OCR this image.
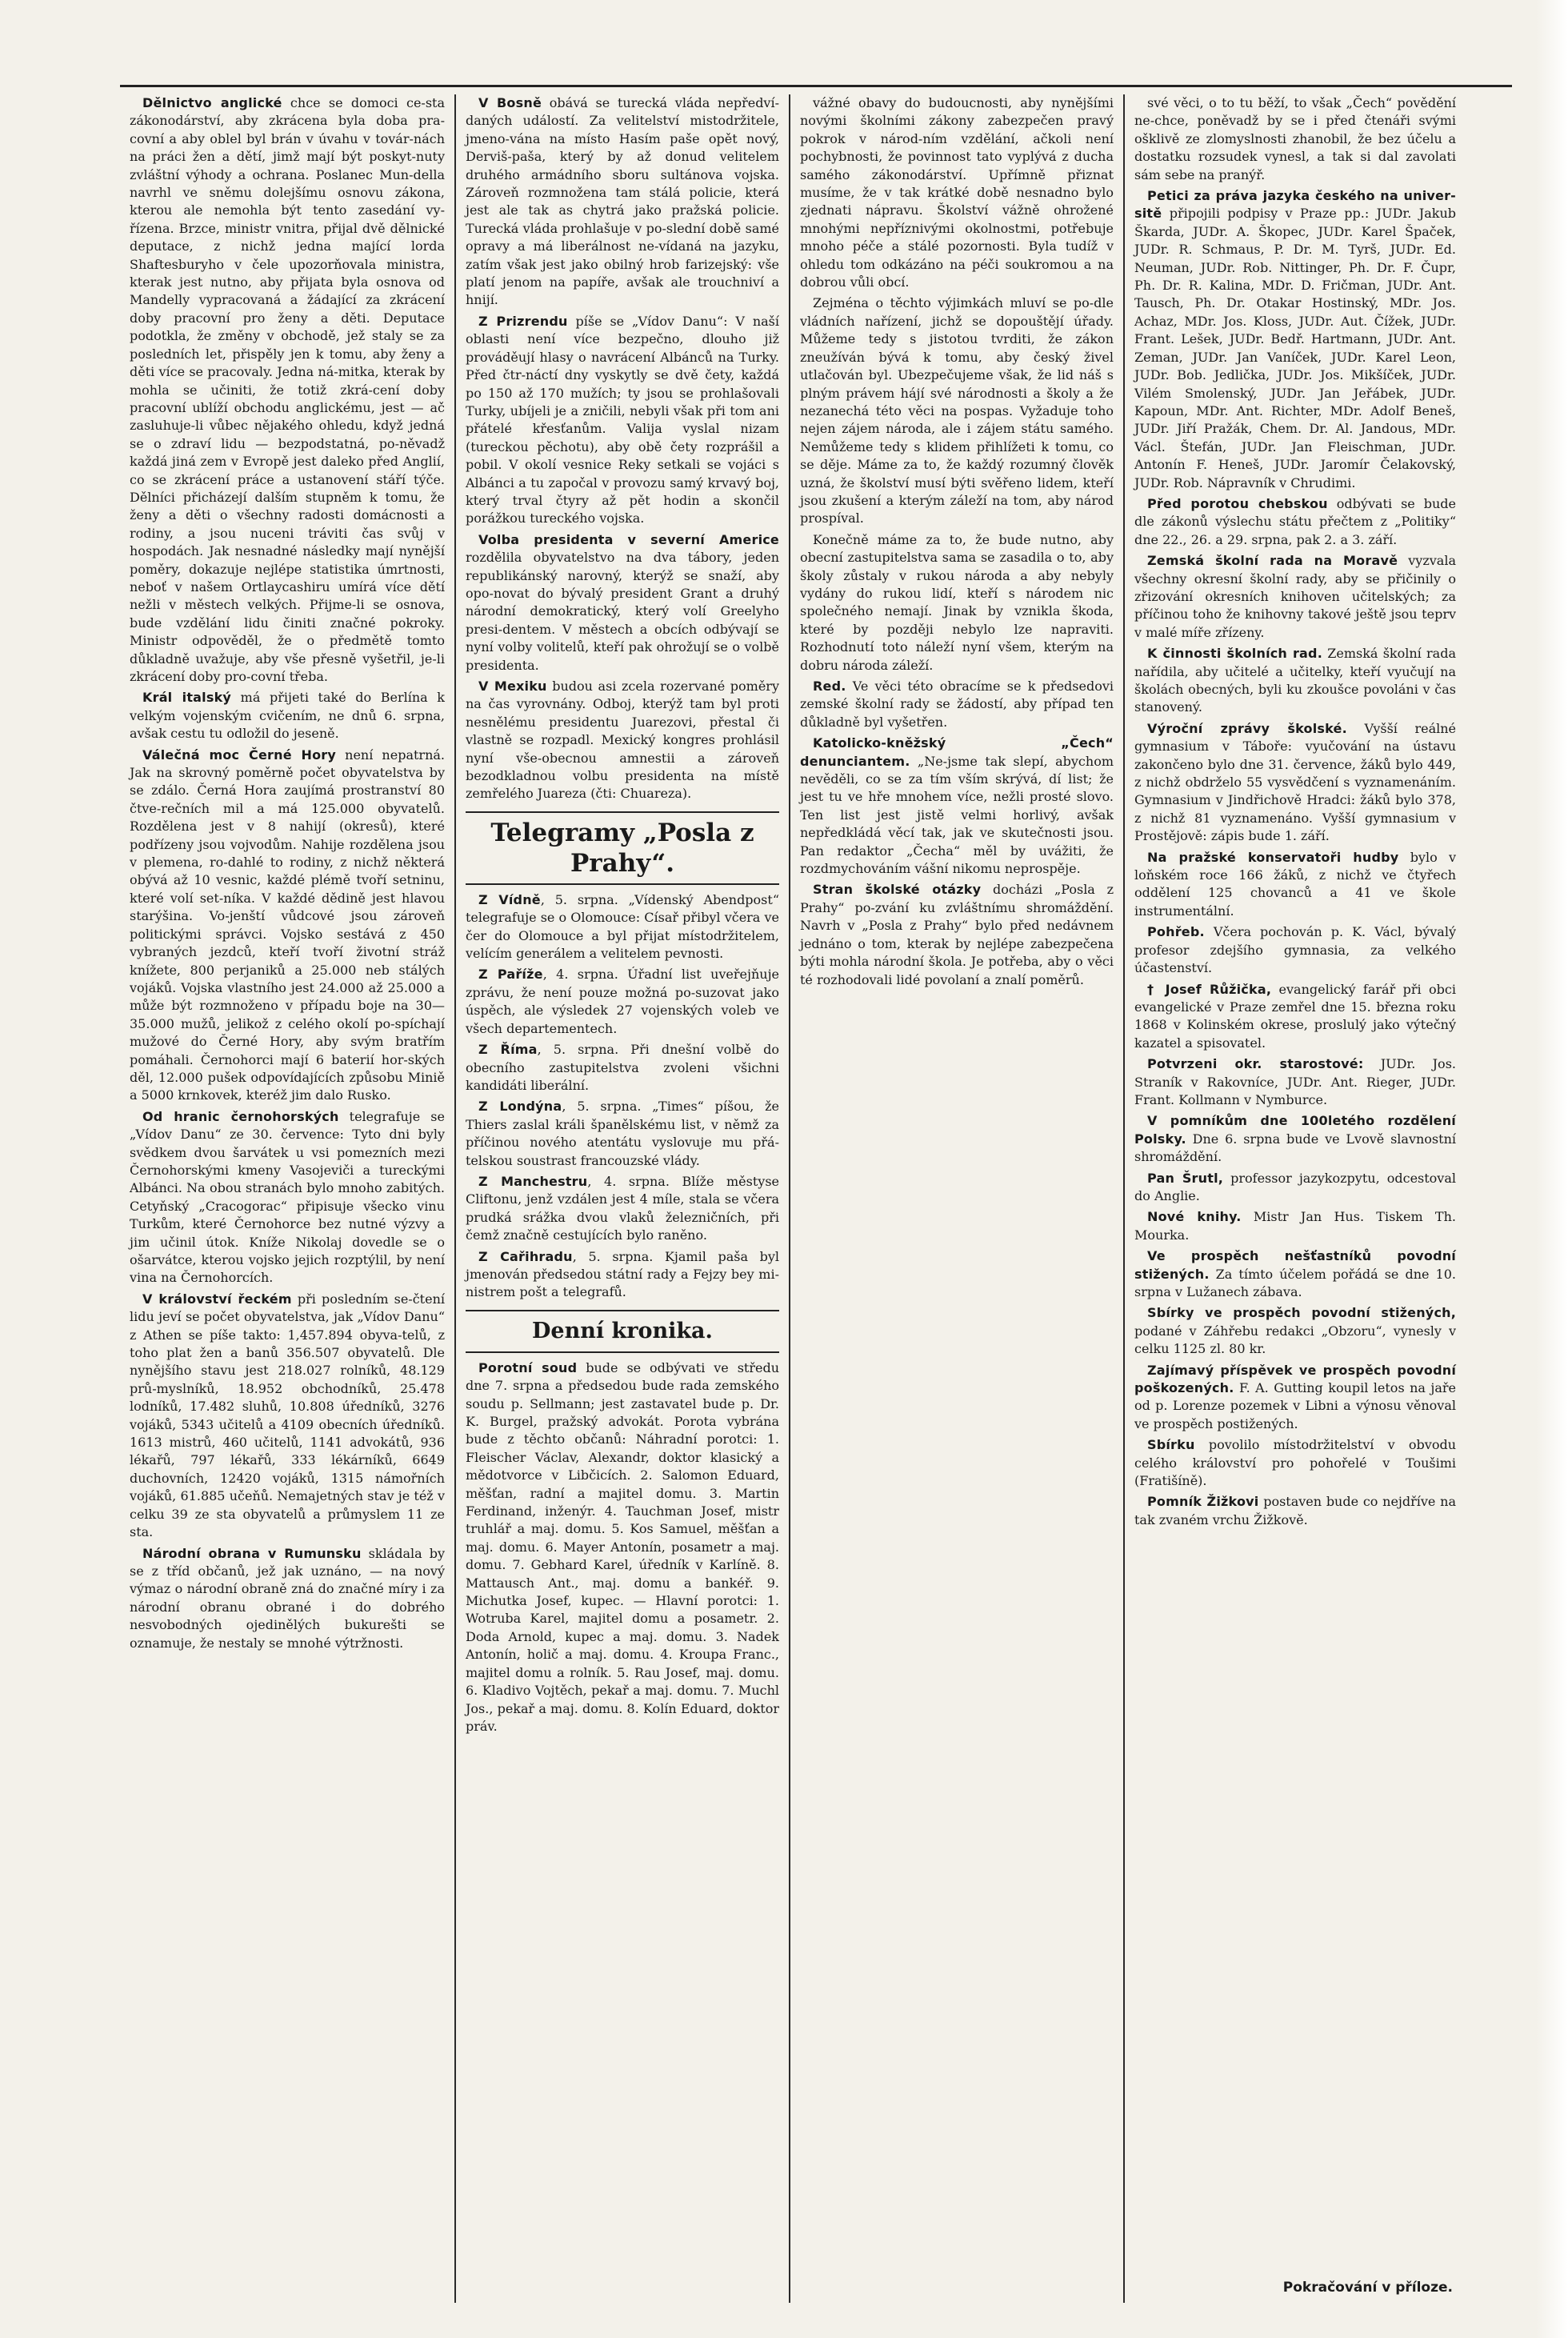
Dělnictvo anglické chce se domoci ce-sta zákonodárství, aby zkrácena byla doba pra-covní a aby oblel byl brán v úvahu v továr-nách na práci žen a dětí, jimž mají být poskyt-nuty zvláštní výhody a ochrana. Poslanec Mun-della navrhl ve sněmu dolejšímu osnovu zákona, kterou ale nemohla být tento zasedání vy-řízena. Brzce, ministr vnitra, přijal dvě dělnické deputace, z nichž jedna mající lorda Shaftesburyho v čele upozorňovala ministra, kterak jest nutno, aby přijata byla osnova od Mandelly vypracovaná a žádající za zkrácení doby pracovní pro ženy a děti. Deputace podotkla, že změny v obchodě, jež staly se za posledních let, přispěly jen k tomu, aby ženy a děti více se pracovaly. Jedna ná-mitka, kterak by mohla se učiniti, že totiž zkrá-cení doby pracovní ublíží obchodu anglickému, jest — ač zasluhuje-li vůbec nějakého ohledu, když jedná se o zdraví lidu — bezpodstatná, po-něvadž každá jiná zem v Evropě jest daleko před Anglií, co se zkrácení práce a ustanovení stáří týče. Dělníci přicházejí dalším stupněm k tomu, že ženy a děti o všechny radosti domácnosti a rodiny, a jsou nuceni tráviti čas svůj v hospodách. Jak nesnadné následky mají nynější poměry, dokazuje nejlépe statistika úmrtnosti, neboť v našem Ortlaycashiru umírá více dětí nežli v městech velkých. Přijme-li se osnova, bude vzdělání lidu činiti značné pokroky. Ministr odpověděl, že o předmětě tomto důkladně uvažuje, aby vše přesně vyšetřil, je-li zkrácení doby pro-covní třeba.

Král italský má přijeti také do Berlína k velkým vojenským cvičením, ne dnů 6. srpna, avšak cestu tu odložil do jeseně.

Válečná moc Černé Hory není nepatrná. Jak na skrovný poměrně počet obyvatelstva by se zdálo. Černá Hora zaujímá prostranství 80 čtve-rečních mil a má 125.000 obyvatelů. Rozdělena jest v 8 nahijí (okresů), které podřízeny jsou vojvodům. Nahije rozdělena jsou v plemena, ro-dahlé to rodiny, z nichž některá obývá až 10 vesnic, každé plémě tvoří setninu, které volí set-níka. V každé dědině jest hlavou starýšina. Vo-jenští vůdcové jsou zároveň politickými správci. Vojsko sestává z 450 vybraných jezdců, kteří tvoří životní stráž knížete, 800 perjaniků a 25.000 neb stálých vojáků. Vojska vlastního jest 24.000 až 25.000 a může být rozmnoženo v případu boje na 30—35.000 mužů, jelikož z celého okolí po-spíchají mužové do Černé Hory, aby svým bratřím pomáhali. Černohorci mají 6 baterií hor-ských děl, 12.000 pušek odpovídajících způsobu Miniě a 5000 krnkovek, kteréž jim dalo Rusko.

Od hranic černohorských telegrafuje se „Vídov Danu“ ze 30. července: Tyto dni byly svědkem dvou šarvátek u vsi pomezních mezi Černohorskými kmeny Vasojeviči a tureckými Albánci. Na obou stranách bylo mnoho zabitých. Cetyňský „Cracogorac“ připisuje všecko vinu Turkům, které Černohorce bez nutné výzvy a jim učinil útok. Kníže Nikolaj dovedle se o ošarvátce, kterou vojsko jejich rozptýlil, by není vina na Černohorcích.

V království řeckém při posledním se-čtení lidu jeví se počet obyvatelstva, jak „Vídov Danu“ z Athen se píše takto: 1,457.894 obyva-telů, z toho plat žen a banů 356.507 obyvatelů. Dle nynějšího stavu jest 218.027 rolníků, 48.129 prů-myslníků, 18.952 obchodníků, 25.478 lodníků, 17.482 sluhů, 10.808 úředníků, 3276 vojáků, 5343 učitelů a 4109 obecních úředníků. 1613 mistrů, 460 učitelů, 1141 advokátů, 936 lékařů, 797 lékařů, 333 lékárníků, 6649 duchovních, 12420 vojáků, 1315 námořních vojáků, 61.885 učeňů. Nemajetných stav je též v celku 39 ze sta obyvatelů a průmyslem 11 ze sta.

Národní obrana v Rumunsku skládala by se z tříd občanů, jež jak uznáno, — na nový výmaz o národní obraně zná do značné míry i za národní obranu obrané i do dobrého nesvobodných ojedinělých bukurešti se oznamuje, že nestaly se mnohé výtržnosti.

V Bosně obává se turecká vláda nepředví-daných událostí. Za velitelství mistodržitele, jmeno-vána na místo Hasím paše opět nový, Derviš-paša, který by až donud velitelem druhého armádního sboru sultánova vojska. Zároveň rozmnožena tam stálá policie, která jest ale tak as chytrá jako pražská policie. Turecká vláda prohlašuje v po-slední době samé opravy a má liberálnost ne-vídaná na jazyku, zatím však jest jako obilný hrob farizejský: vše platí jenom na papíře, avšak ale trouchniví a hnijí.

Z Prizrendu píše se „Vídov Danu“: V naší oblasti není více bezpečno, dlouho již prováděují hlasy o navrácení Albánců na Turky. Před čtr-náctí dny vyskytly se dvě čety, každá po 150 až 170 mužích; ty jsou se prohlašovali Turky, ubíjeli je a zničili, nebyli však při tom ani přátelé křesťanům. Valija vyslal nizam (tureckou pěchotu), aby obě čety rozprášil a pobil. V okolí vesnice Reky setkali se vojáci s Albánci a tu započal v provozu samý krvavý boj, který trval čtyry až pět hodin a skončil porážkou tureckého vojska.

Volba presidenta v severní Americe rozdělila obyvatelstvo na dva tábory, jeden republikánský narovný, kterýž se snaží, aby opo-novat do bývalý president Grant a druhý národní demokratický, který volí Greelyho presi-dentem. V městech a obcích odbývají se nyní volby volitelů, kteří pak ohrožují se o volbě presidenta.

V Mexiku budou asi zcela rozervané poměry na čas vyrovnány. Odboj, kterýž tam byl proti nesnělému presidentu Juarezovi, přestal či vlastně se rozpadl. Mexický kongres prohlásil nyní vše-obecnou amnestii a zároveň bezodkladnou volbu presidenta na místě zemřelého Juareza (čti: Chuareza).

Telegramy „Posla z Prahy“.

Z Vídně, 5. srpna. „Vídenský Abendpost“ telegrafuje se o Olomouce: Císař přibyl včera ve čer do Olomouce a byl přijat místodržitelem, velícím generálem a velitelem pevnosti.

Z Paříže, 4. srpna. Úřadní list uveřejňuje zprávu, že není pouze možná po-suzovat jako úspěch, ale výsledek 27 vojenských voleb ve všech departementech.

Z Říma, 5. srpna. Při dnešní volbě do obecního zastupitelstva zvoleni všichni kandidáti liberální.

Z Londýna, 5. srpna. „Times“ píšou, že Thiers zaslal králi španělskému list, v němž za příčinou nového atentátu vyslovuje mu přá-telskou soustrast francouzské vlády.

Z Manchestru, 4. srpna. Blíže městyse Cliftonu, jenž vzdálen jest 4 míle, stala se včera prudká srážka dvou vlaků železničních, při čemž značně cestujících bylo raněno.

Z Cařihradu, 5. srpna. Kjamil paša byl jmenován předsedou státní rady a Fejzy bey mi-nistrem pošt a telegrafů.

Denní kronika.

Porotní soud bude se odbývati ve středu dne 7. srpna a předsedou bude rada zemského soudu p. Sellmann; jest zastavatel bude p. Dr. K. Burgel, pražský advokát. Porota vybrána bude z těchto občanů: Náhradní porotci: 1. Fleischer Václav, Alexandr, doktor klasický a mědotvorce v Libčicích. 2. Salomon Eduard, měšťan, radní a majitel domu. 3. Martin Ferdinand, inženýr. 4. Tauchman Josef, mistr truhlář a maj. domu. 5. Kos Samuel, měšťan a maj. domu. 6. Mayer Antonín, posametr a maj. domu. 7. Gebhard Karel, úředník v Karlíně. 8. Mattausch Ant., maj. domu a bankéř. 9. Michutka Josef, kupec. — Hlavní porotci: 1. Wotruba Karel, majitel domu a posametr. 2. Doda Arnold, kupec a maj. domu. 3. Nadek Antonín, holič a maj. domu. 4. Kroupa Franc., majitel domu a rolník. 5. Rau Josef, maj. domu. 6. Kladivo Vojtěch, pekař a maj. domu. 7. Muchl Jos., pekař a maj. domu. 8. Kolín Eduard, doktor práv.

vážné obavy do budoucnosti, aby nynějšími novými školními zákony zabezpečen pravý pokrok v národ-ním vzdělání, ačkoli není pochybnosti, že povinnost tato vyplývá z ducha samého zákonodárství. Upřímně přiznat musíme, že v tak krátké době nesnadno bylo zjednati nápravu. Školství vážně ohrožené mnohými nepříznivými okolnostmi, potřebuje mnoho péče a stálé pozornosti. Byla tudíž v ohledu tom odkázáno na péči soukromou a na dobrou vůli obcí.

Zejména o těchto výjimkách mluví se po-dle vládních nařízení, jichž se dopouštějí úřady. Můžeme tedy s jistotou tvrditi, že zákon zneužíván bývá k tomu, aby český živel utlačován byl. Ubezpečujeme však, že lid náš s plným právem hájí své národnosti a školy a že nezanechá této věci na pospas. Vyžaduje toho nejen zájem národa, ale i zájem státu samého. Nemůžeme tedy s klidem přihlížeti k tomu, co se děje. Máme za to, že každý rozumný člověk uzná, že školství musí býti svěřeno lidem, kteří jsou zkušení a kterým záleží na tom, aby národ prospíval.

Konečně máme za to, že bude nutno, aby obecní zastupitelstva sama se zasadila o to, aby školy zůstaly v rukou národa a aby nebyly vydány do rukou lidí, kteří s národem nic společného nemají. Jinak by vznikla škoda, které by později nebylo lze napraviti. Rozhodnutí toto náleží nyní všem, kterým na dobru národa záleží.

Red. Ve věci této obracíme se k předsedovi zemské školní rady se žádostí, aby případ ten důkladně byl vyšetřen.

Katolicko-kněžský „Čech“ denunciantem. „Ne-jsme tak slepí, abychom nevěděli, co se za tím vším skrývá, dí list; že jest tu ve hře mnohem více, nežli prosté slovo. Ten list jest jistě velmi horlivý, avšak nepředkládá věcí tak, jak ve skutečnosti jsou. Pan redaktor „Čecha“ měl by uvážiti, že rozdmychováním vášní nikomu neprospěje.

Stran školské otázky docházi „Posla z Prahy“ po-zvání ku zvláštnímu shromáždění. Navrh v „Posla z Prahy“ bylo před nedávnem jednáno o tom, kterak by nejlépe zabezpečena býti mohla národní škola. Je potřeba, aby o věci té rozhodovali lidé povolaní a znalí poměrů.

své věci, o to tu běží, to však „Čech“ povědění ne-chce, poněvadž by se i před čtenáři svými ošklivě ze zlomyslnosti zhanobil, že bez účelu a dostatku rozsudek vynesl, a tak si dal zavolati sám sebe na pranýř.

Petici za práva jazyka českého na univer-sitě připojili podpisy v Praze pp.: JUDr. Jakub Škarda, JUDr. A. Škopec, JUDr. Karel Špaček, JUDr. R. Schmaus, P. Dr. M. Tyrš, JUDr. Ed. Neuman, JUDr. Rob. Nittinger, Ph. Dr. F. Čupr, Ph. Dr. R. Kalina, MDr. D. Fričman, JUDr. Ant. Tausch, Ph. Dr. Otakar Hostinský, MDr. Jos. Achaz, MDr. Jos. Kloss, JUDr. Aut. Čížek, JUDr. Frant. Lešek, JUDr. Bedř. Hartmann, JUDr. Ant. Zeman, JUDr. Jan Vaníček, JUDr. Karel Leon, JUDr. Bob. Jedlička, JUDr. Jos. Mikšíček, JUDr. Vilém Smolenský, JUDr. Jan Jeřábek, JUDr. Kapoun, MDr. Ant. Richter, MDr. Adolf Beneš, JUDr. Jiří Pražák, Chem. Dr. Al. Jandous, MDr. Václ. Štefán, JUDr. Jan Fleischman, JUDr. Antonín F. Heneš, JUDr. Jaromír Čelakovský, JUDr. Rob. Nápravník v Chrudimi.

Před porotou chebskou odbývati se bude dle zákonů výslechu státu přečtem z „Politiky“ dne 22., 26. a 29. srpna, pak 2. a 3. září.

Zemská školní rada na Moravě vyzvala všechny okresní školní rady, aby se přičinily o zřizování okresních knihoven učitelských; za příčinou toho že knihovny takové ještě jsou teprv v malé míře zřízeny.

K činnosti školních rad. Zemská školní rada nařídila, aby učitelé a učitelky, kteří vyučují na školách obecných, byli ku zkoušce povoláni v čas stanovený.

Výroční zprávy školské. Vyšší reálné gymnasium v Táboře: vyučování na ústavu zakončeno bylo dne 31. července, žáků bylo 449, z nichž obdrželo 55 vysvědčení s vyznamenáním. Gymnasium v Jindřichově Hradci: žáků bylo 378, z nichž 81 vyznamenáno. Vyšší gymnasium v Prostějově: zápis bude 1. září.

Na pražské konservatoři hudby bylo v loňském roce 166 žáků, z nichž ve čtyřech oddělení 125 chovanců a 41 ve škole instrumentální.

Pohřeb. Včera pochován p. K. Václ, bývalý profesor zdejšího gymnasia, za velkého účastenství.

† Josef Růžička, evangelický farář při obci evangelické v Praze zemřel dne 15. března roku 1868 v Kolinském okrese, proslulý jako výtečný kazatel a spisovatel.

Potvrzeni okr. starostové: JUDr. Jos. Straník v Rakovníce, JUDr. Ant. Rieger, JUDr. Frant. Kollmann v Nymburce.

V pomníkům dne 100letého rozdělení Polsky. Dne 6. srpna bude ve Lvově slavnostní shromáždění.

Pan Šrutl, professor jazykozpytu, odcestoval do Anglie.

Nové knihy. Mistr Jan Hus. Tiskem Th. Mourka.

Ve prospěch nešťastníků povodní stižených. Za tímto účelem pořádá se dne 10. srpna v Lužanech zábava.

Sbírky ve prospěch povodní stižených, podané v Záhřebu redakci „Obzoru“, vynesly v celku 1125 zl. 80 kr.

Zajímavý příspěvek ve prospěch povodní poškozených. F. A. Gutting koupil letos na jaře od p. Lorenze pozemek v Libni a výnosu věnoval ve prospěch postižených.

Sbírku povolilo místodržitelství v obvodu celého království pro pohořelé v Toušimi (Fratišíně).

Pomník Žižkovi postaven bude co nejdříve na tak zvaném vrchu Žižkově.

Pokračování v příloze.
